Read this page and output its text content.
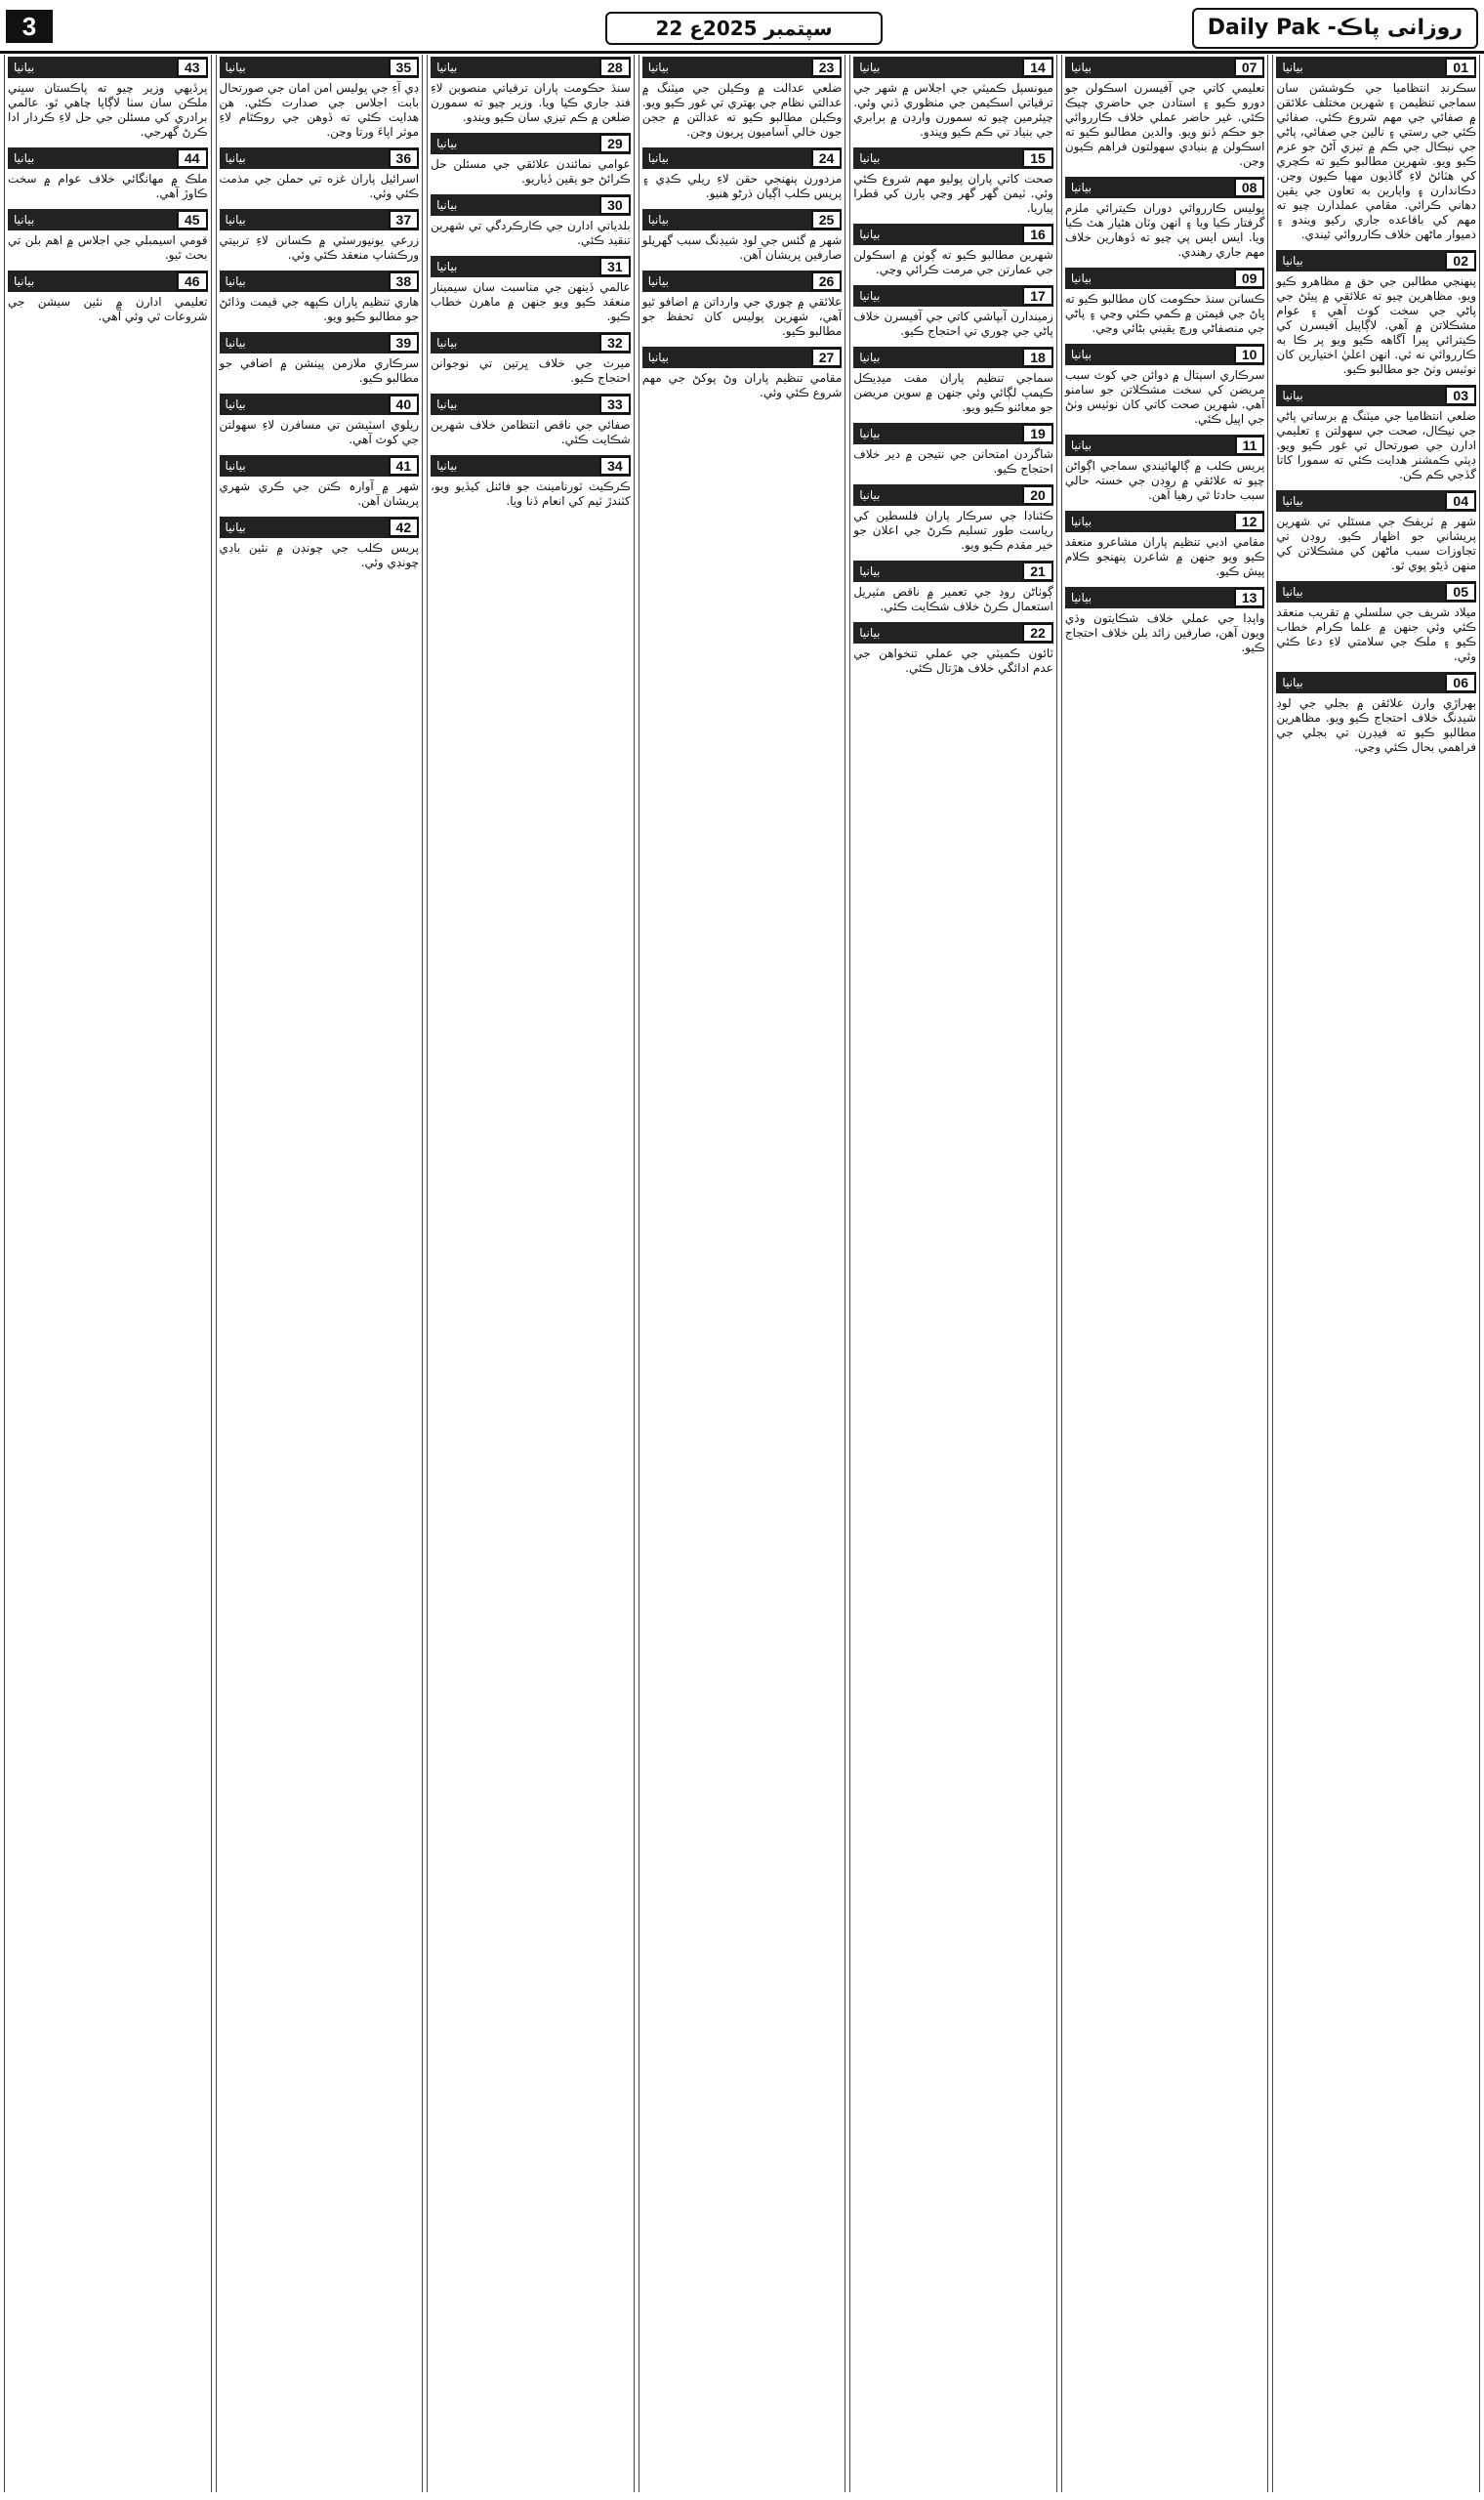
3	22 سپتمبر 2025ع	روزانی پاڪ- Daily Pak
01
بيانيا
سڪرنڊ انتظاميا جي ڪوششن سان سماجي تنظيمن ۽ شهرين مختلف علائقن ۾ صفائي جي مهم شروع ڪئي. صفائي ڪئي جي رستي ۽ نالين جي صفائي، پاڻي جي نيڪال جي ڪم ۾ تيزي آڻڻ جو عزم ڪيو ويو. شهرين مطالبو ڪيو ته ڪچري کي هٽائڻ لاءِ گاڏيون مهيا ڪيون وڃن. دڪاندارن ۽ واپارين به تعاون جي يقين دهاني ڪرائي. مقامي عملدارن چيو ته مهم کي باقاعده جاري رکيو ويندو ۽ ذميوار ماڻهن خلاف ڪارروائي ٿيندي.
02
بيانيا
پنهنجي مطالبن جي حق ۾ مظاهرو ڪيو ويو. مظاهرين چيو ته علائقي ۾ پيئڻ جي پاڻي جي سخت کوٽ آهي ۽ عوام مشڪلاتن ۾ آهي. لاڳاپيل آفيسرن کي ڪيترائي ڀيرا آگاهه ڪيو ويو پر ڪا به ڪارروائي نه ٿي. انهن اعليٰ اختيارين کان نوٽيس وٺڻ جو مطالبو ڪيو.
03
بيانيا
ضلعي انتظاميا جي ميٽنگ ۾ برساتي پاڻي جي نيڪال، صحت جي سهولتن ۽ تعليمي ادارن جي صورتحال تي غور ڪيو ويو. ڊپٽي ڪمشنر هدايت ڪئي ته سمورا کاتا گڏجي ڪم ڪن.
04
بيانيا
شهر ۾ ٽريفڪ جي مسئلي تي شهرين پريشاني جو اظهار ڪيو. روڊن تي تجاوزات سبب ماڻهن کي مشڪلاتن کي منهن ڏيڻو پوي ٿو.
05
بيانيا
ميلاد شريف جي سلسلي ۾ تقريب منعقد ڪئي وئي جنهن ۾ علما ڪرام خطاب ڪيو ۽ ملڪ جي سلامتي لاءِ دعا ڪئي وئي.
06
بيانيا
ٻهراڙي وارن علائقن ۾ بجلي جي لوڊ شيڊنگ خلاف احتجاج ڪيو ويو. مظاهرين مطالبو ڪيو ته فيڊرن تي بجلي جي فراهمي بحال ڪئي وڃي.
07
بيانيا
تعليمي کاتي جي آفيسرن اسڪولن جو دورو ڪيو ۽ استادن جي حاضري چيڪ ڪئي. غير حاضر عملي خلاف ڪارروائي جو حڪم ڏنو ويو. والدين مطالبو ڪيو ته اسڪولن ۾ بنيادي سهولتون فراهم ڪيون وڃن.
08
بيانيا
پوليس ڪارروائي دوران ڪيترائي ملزم گرفتار ڪيا ويا ۽ انهن وٽان هٿيار هٿ ڪيا ويا. ايس ايس پي چيو ته ڏوهارين خلاف مهم جاري رهندي.
09
بيانيا
ڪسانن سنڌ حڪومت کان مطالبو ڪيو ته ڀاڻ جي قيمتن ۾ ڪمي ڪئي وڃي ۽ پاڻي جي منصفاڻي ورڇ يقيني بڻائي وڃي.
10
بيانيا
سرڪاري اسپتال ۾ دوائن جي کوٽ سبب مريضن کي سخت مشڪلاتن جو سامنو آهي. شهرين صحت کاتي کان نوٽيس وٺڻ جي اپيل ڪئي.
11
بيانيا
پريس ڪلب ۾ ڳالهائيندي سماجي اڳواڻن چيو ته علائقي ۾ روڊن جي خستہ حالي سبب حادثا ٿي رهيا آهن.
12
بيانيا
مقامي ادبي تنظيم پاران مشاعرو منعقد ڪيو ويو جنهن ۾ شاعرن پنهنجو ڪلام پيش ڪيو.
13
بيانيا
واپڊا جي عملي خلاف شڪايتون وڌي ويون آهن، صارفين زائد بلن خلاف احتجاج ڪيو.
14
بيانيا
ميونسپل ڪميٽي جي اجلاس ۾ شهر جي ترقياتي اسڪيمن جي منظوري ڏني وئي. چيئرمين چيو ته سمورن وارڊن ۾ برابري جي بنياد تي ڪم ڪيو ويندو.
15
بيانيا
صحت کاتي پاران پوليو مهم شروع ڪئي وئي. ٽيمن گهر گهر وڃي ٻارن کي قطرا پياريا.
16
بيانيا
شهرين مطالبو ڪيو ته ڳوٺن ۾ اسڪولن جي عمارتن جي مرمت ڪرائي وڃي.
17
بيانيا
زميندارن آبپاشي کاتي جي آفيسرن خلاف پاڻي جي چوري تي احتجاج ڪيو.
18
بيانيا
سماجي تنظيم پاران مفت ميڊيڪل ڪيمپ لڳائي وئي جنهن ۾ سوين مريضن جو معائنو ڪيو ويو.
19
بيانيا
شاگردن امتحانن جي نتيجن ۾ دير خلاف احتجاج ڪيو.
20
بيانيا
ڪئناڊا جي سرڪار پاران فلسطين کي رياست طور تسليم ڪرڻ جي اعلان جو خير مقدم ڪيو ويو.
21
بيانيا
ڳوٺاڻن روڊ جي تعمير ۾ ناقص مٽيريل استعمال ڪرڻ خلاف شڪايت ڪئي.
22
بيانيا
ٽائون ڪميٽي جي عملي تنخواهن جي عدم ادائگي خلاف هڙتال ڪئي.
23
بيانيا
ضلعي عدالت ۾ وڪيلن جي ميٽنگ ۾ عدالتي نظام جي بهتري تي غور ڪيو ويو. وڪيلن مطالبو ڪيو ته عدالتن ۾ ججن جون خالي آساميون ڀريون وڃن.
24
بيانيا
مزدورن پنهنجي حقن لاءِ ريلي ڪڍي ۽ پريس ڪلب اڳيان ڌرڻو هنيو.
25
بيانيا
شهر ۾ گئس جي لوڊ شيڊنگ سبب گهريلو صارفين پريشان آهن.
26
بيانيا
علائقي ۾ چوري جي وارداتن ۾ اضافو ٿيو آهي، شهرين پوليس کان تحفظ جو مطالبو ڪيو.
27
بيانيا
مقامي تنظيم پاران وڻ پوکڻ جي مهم شروع ڪئي وئي.
28
بيانيا
سنڌ حڪومت پاران ترقياتي منصوبن لاءِ فنڊ جاري ڪيا ويا. وزير چيو ته سمورن ضلعن ۾ ڪم تيزي سان ڪيو ويندو.
29
بيانيا
عوامي نمائندن علائقي جي مسئلن حل ڪرائڻ جو يقين ڏياريو.
30
بيانيا
بلدياتي ادارن جي ڪارڪردگي تي شهرين تنقيد ڪئي.
31
بيانيا
عالمي ڏينهن جي مناسبت سان سيمينار منعقد ڪيو ويو جنهن ۾ ماهرن خطاب ڪيو.
32
بيانيا
ميرٽ جي خلاف ڀرتين تي نوجوانن احتجاج ڪيو.
33
بيانيا
صفائي جي ناقص انتظامن خلاف شهرين شڪايت ڪئي.
34
بيانيا
ڪرڪيٽ ٽورنامينٽ جو فائنل کيڏيو ويو، کٽندڙ ٽيم کي انعام ڏنا ويا.
35
بيانيا
ڊي آءِ جي پوليس امن امان جي صورتحال بابت اجلاس جي صدارت ڪئي. هن هدايت ڪئي ته ڏوهن جي روڪٿام لاءِ موثر اپاءَ ورتا وڃن.
36
بيانيا
اسرائيل پاران غزه تي حملن جي مذمت ڪئي وئي.
37
بيانيا
زرعي يونيورسٽي ۾ ڪسانن لاءِ تربيتي ورڪشاپ منعقد ڪئي وئي.
38
بيانيا
هاري تنظيم پاران ڪپهه جي قيمت وڌائڻ جو مطالبو ڪيو ويو.
39
بيانيا
سرڪاري ملازمن پينشن ۾ اضافي جو مطالبو ڪيو.
40
بيانيا
ريلوي اسٽيشن تي مسافرن لاءِ سهولتن جي کوٽ آهي.
41
بيانيا
شهر ۾ آوارہ ڪتن جي ڪري شهري پريشان آهن.
42
بيانيا
پريس ڪلب جي چونڊن ۾ نئين باڊي چونڊي وئي.
43
بيانيا
پرڏيهي وزير چيو ته پاڪستان سڀني ملڪن سان سٺا لاڳاپا چاهي ٿو. عالمي برادري کي مسئلن جي حل لاءِ ڪردار ادا ڪرڻ گهرجي.
44
بيانيا
ملڪ ۾ مهانگائي خلاف عوام ۾ سخت ڪاوڙ آهي.
45
بيانيا
قومي اسيمبلي جي اجلاس ۾ اهم بلن تي بحث ٿيو.
46
بيانيا
تعليمي ادارن ۾ نئين سيشن جي شروعات ٿي وئي آهي.
